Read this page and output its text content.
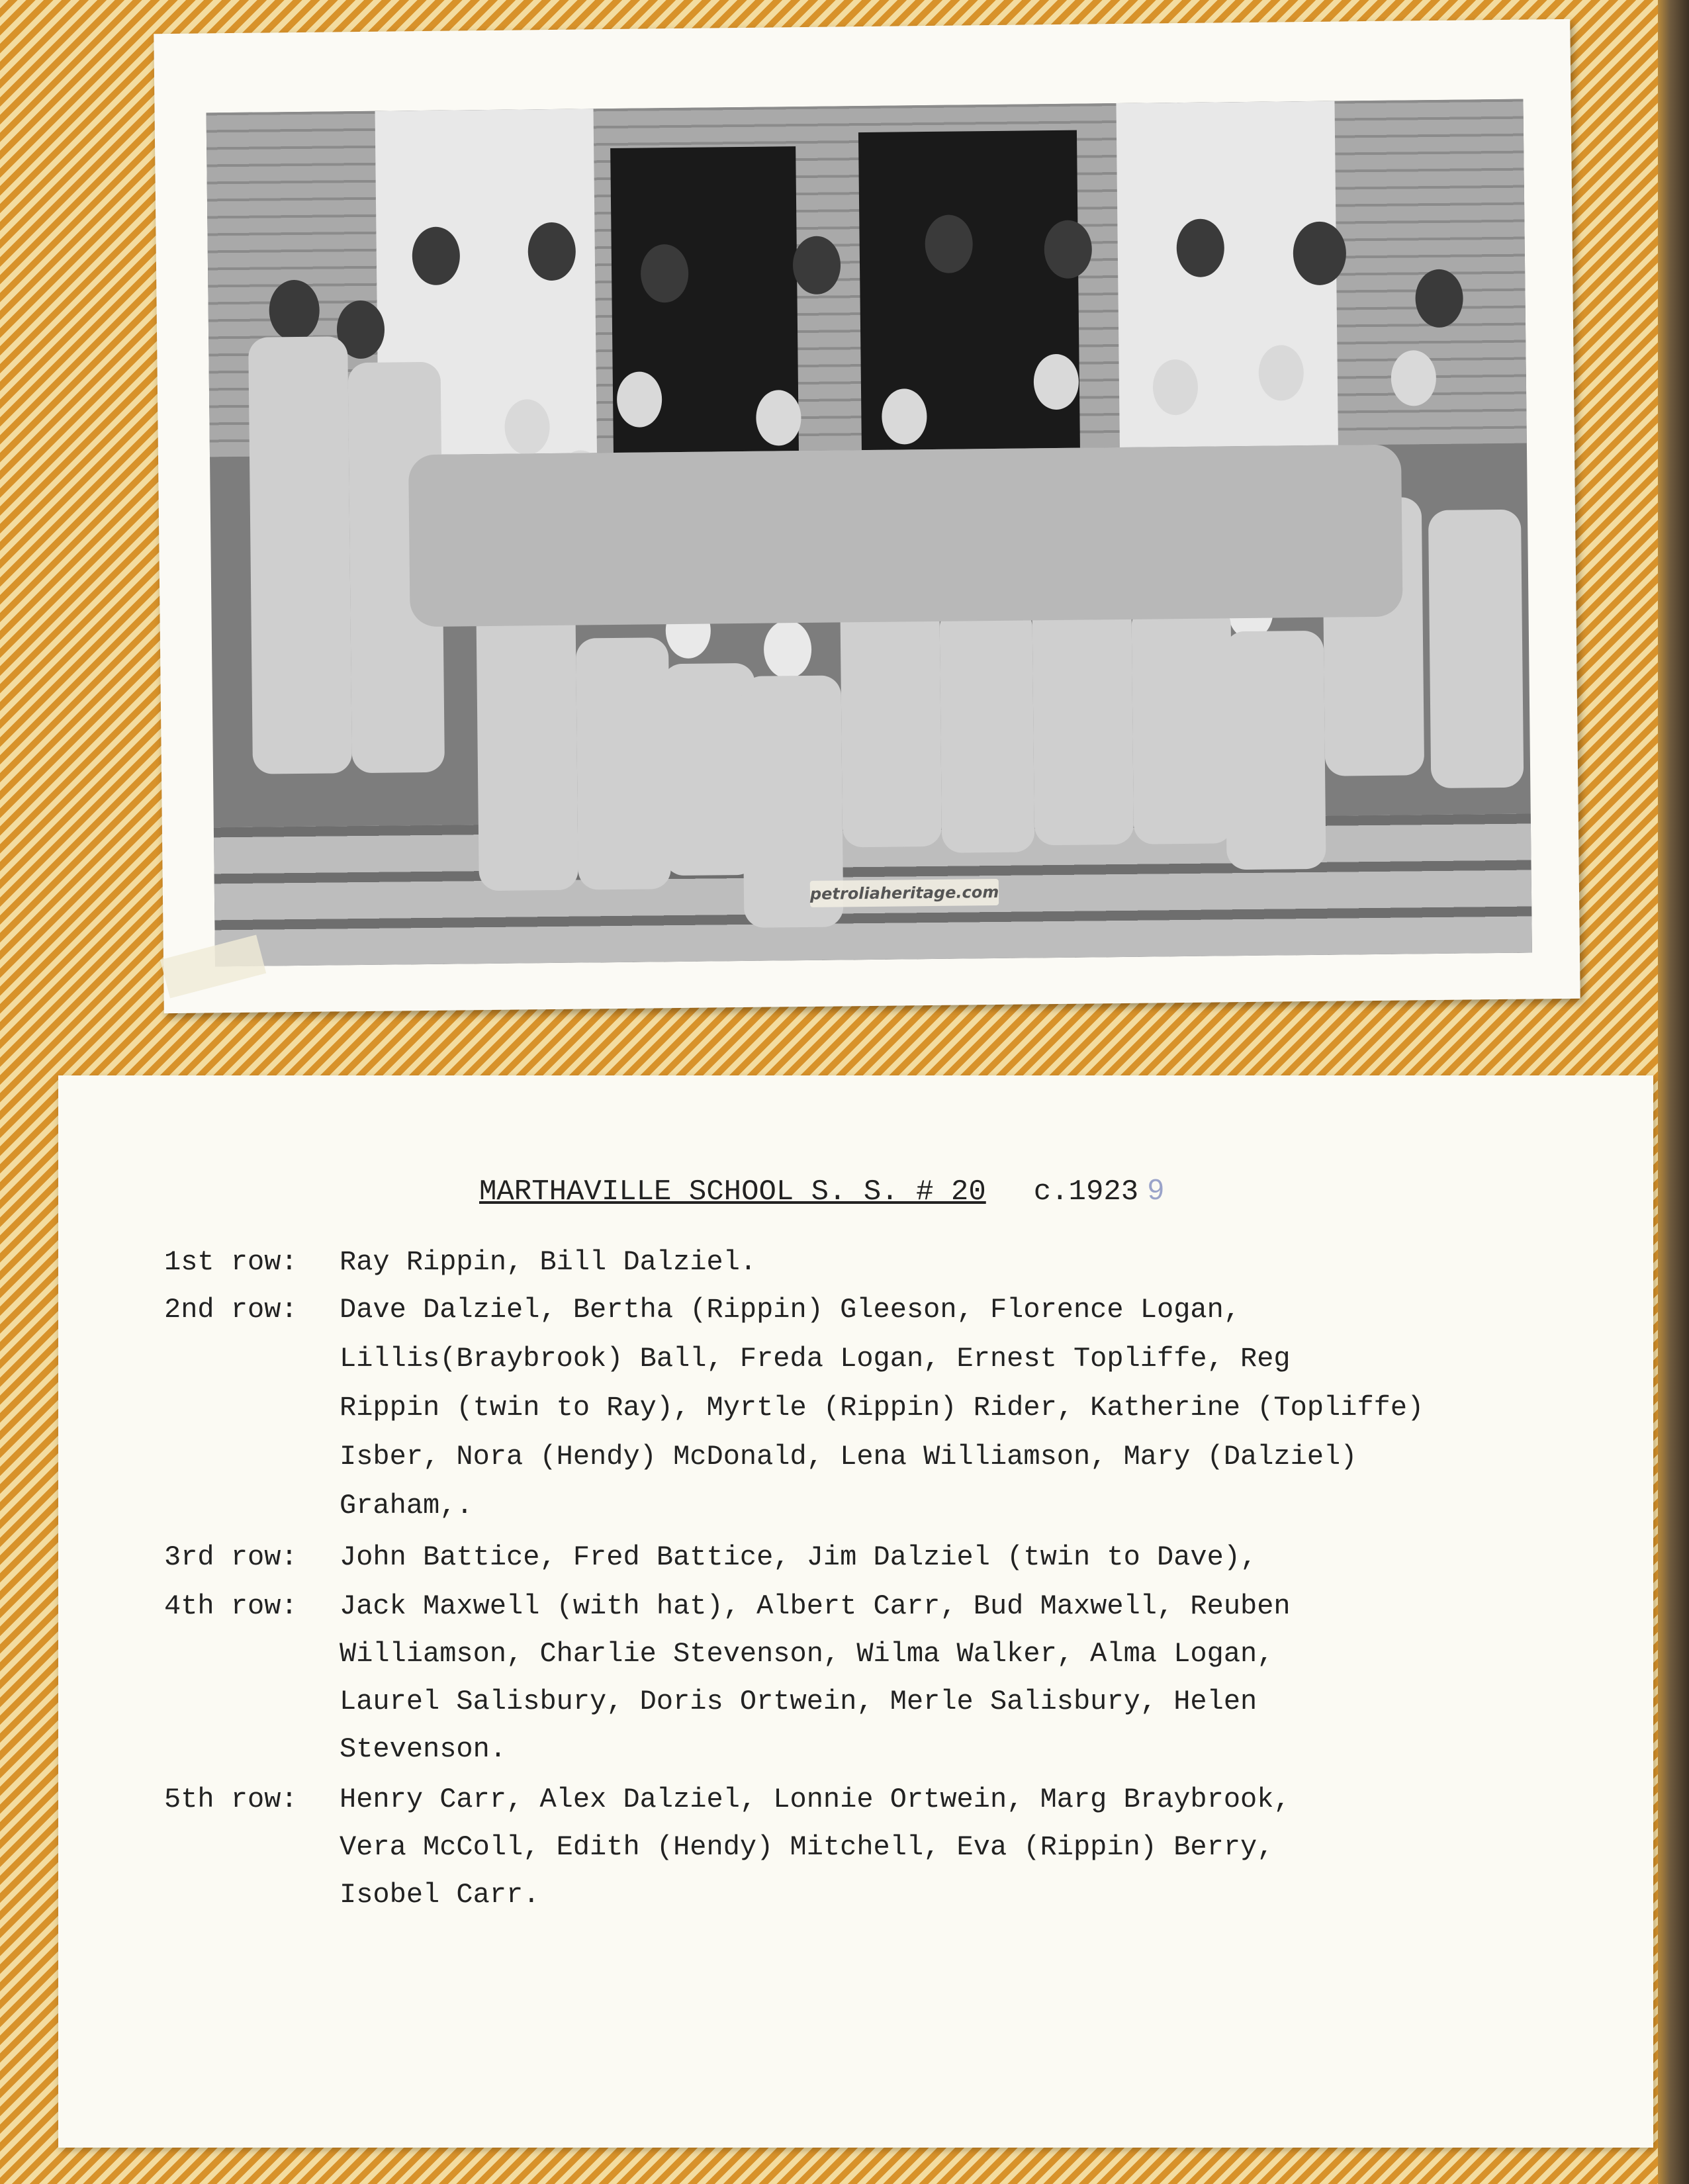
petroliaheritage.com
MARTHAVILLE SCHOOL S. S. # 20 c.1923 9
1st row: Ray Rippin, Bill Dalziel.
2nd row: Dave Dalziel, Bertha (Rippin) Gleeson, Florence Logan,
Lillis(Braybrook) Ball, Freda Logan, Ernest Topliffe, Reg
Rippin (twin to Ray), Myrtle (Rippin) Rider, Katherine (Topliffe)
Isber, Nora (Hendy) McDonald, Lena Williamson, Mary (Dalziel)
Graham,.
3rd row: John Battice, Fred Battice, Jim Dalziel (twin to Dave),
4th row: Jack Maxwell (with hat), Albert Carr, Bud Maxwell, Reuben
Williamson, Charlie Stevenson, Wilma Walker, Alma Logan,
Laurel Salisbury, Doris Ortwein, Merle Salisbury, Helen
Stevenson.
5th row: Henry Carr, Alex Dalziel, Lonnie Ortwein, Marg Braybrook,
Vera McColl, Edith (Hendy) Mitchell, Eva (Rippin) Berry,
Isobel Carr.
